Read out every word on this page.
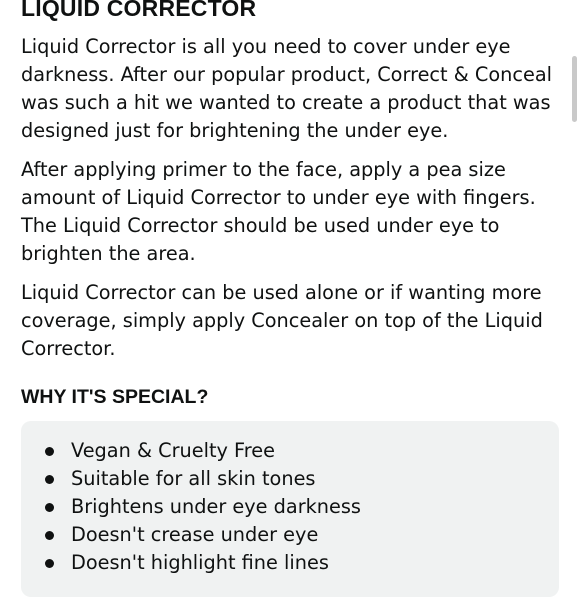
LIQUID CORRECTOR

Liquid Corrector is all you need to cover under eye darkness. After our popular product, Correct & Conceal was such a hit we wanted to create a product that was designed just for brightening the under eye.

After applying primer to the face, apply a pea size amount of Liquid Corrector to under eye with fingers. The Liquid Corrector should be used under eye to brighten the area.

Liquid Corrector can be used alone or if wanting more coverage, simply apply Concealer on top of the Liquid Corrector.

WHY IT'S SPECIAL?
Vegan & Cruelty Free
Suitable for all skin tones
Brightens under eye darkness
Doesn't crease under eye
Doesn't highlight fine lines
